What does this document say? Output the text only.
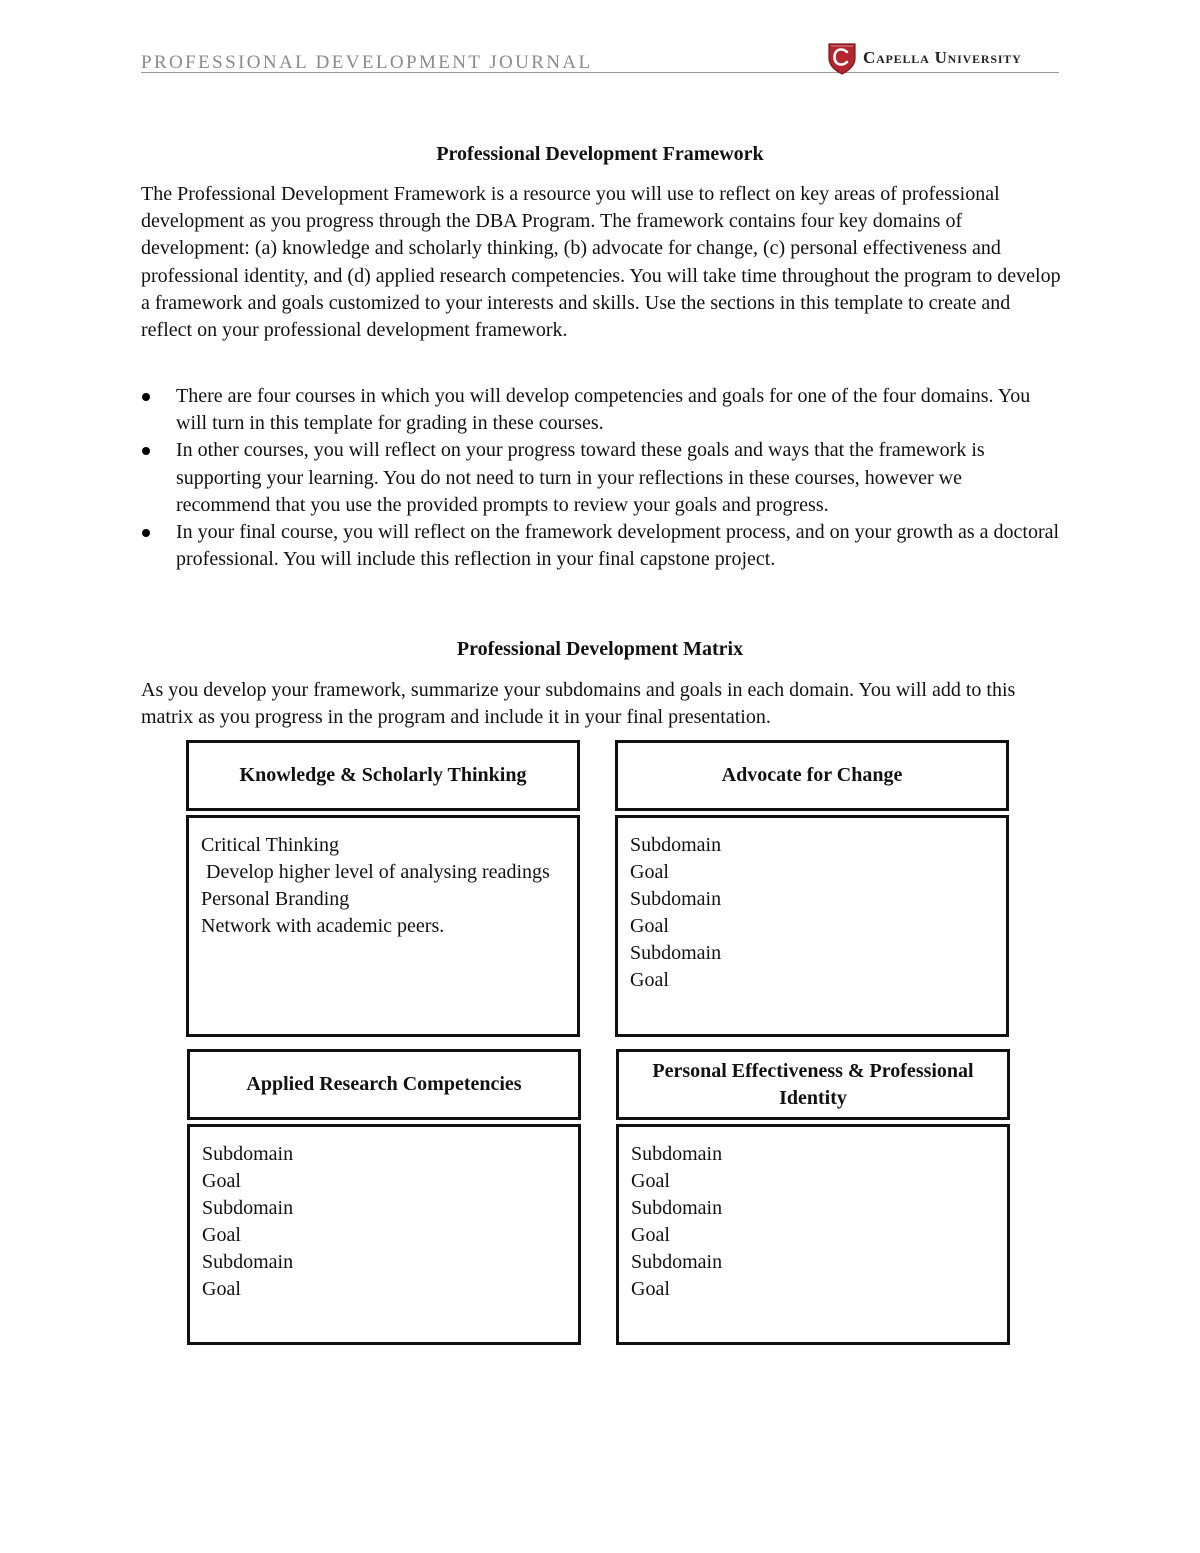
PROFESSIONAL DEVELOPMENT JOURNAL	Capella University
Professional Development Framework

The Professional Development Framework is a resource you will use to reflect on key areas of professional development as you progress through the DBA Program. The framework contains four key domains of development: (a) knowledge and scholarly thinking, (b) advocate for change, (c) personal effectiveness and professional identity, and (d) applied research competencies. You will take time throughout the program to develop a framework and goals customized to your interests and skills. Use the sections in this template to create and reflect on your professional development framework.

There are four courses in which you will develop competencies and goals for one of the four domains. You will turn in this template for grading in these courses.
In other courses, you will reflect on your progress toward these goals and ways that the framework is supporting your learning. You do not need to turn in your reflections in these courses, however we recommend that you use the provided prompts to review your goals and progress.
In your final course, you will reflect on the framework development process, and on your growth as a doctoral professional. You will include this reflection in your final capstone project.
Professional Development Matrix

As you develop your framework, summarize your subdomains and goals in each domain. You will add to this matrix as you progress in the program and include it in your final presentation.

Knowledge & Scholarly Thinking
Critical Thinking
Develop higher level of analysing readings
Personal Branding
Network with academic peers.
Advocate for Change
Subdomain
Goal
Subdomain
Goal
Subdomain
Goal
Applied Research Competencies
Subdomain
Goal
Subdomain
Goal
Subdomain
Goal
Personal Effectiveness & Professional Identity
Subdomain
Goal
Subdomain
Goal
Subdomain
Goal
